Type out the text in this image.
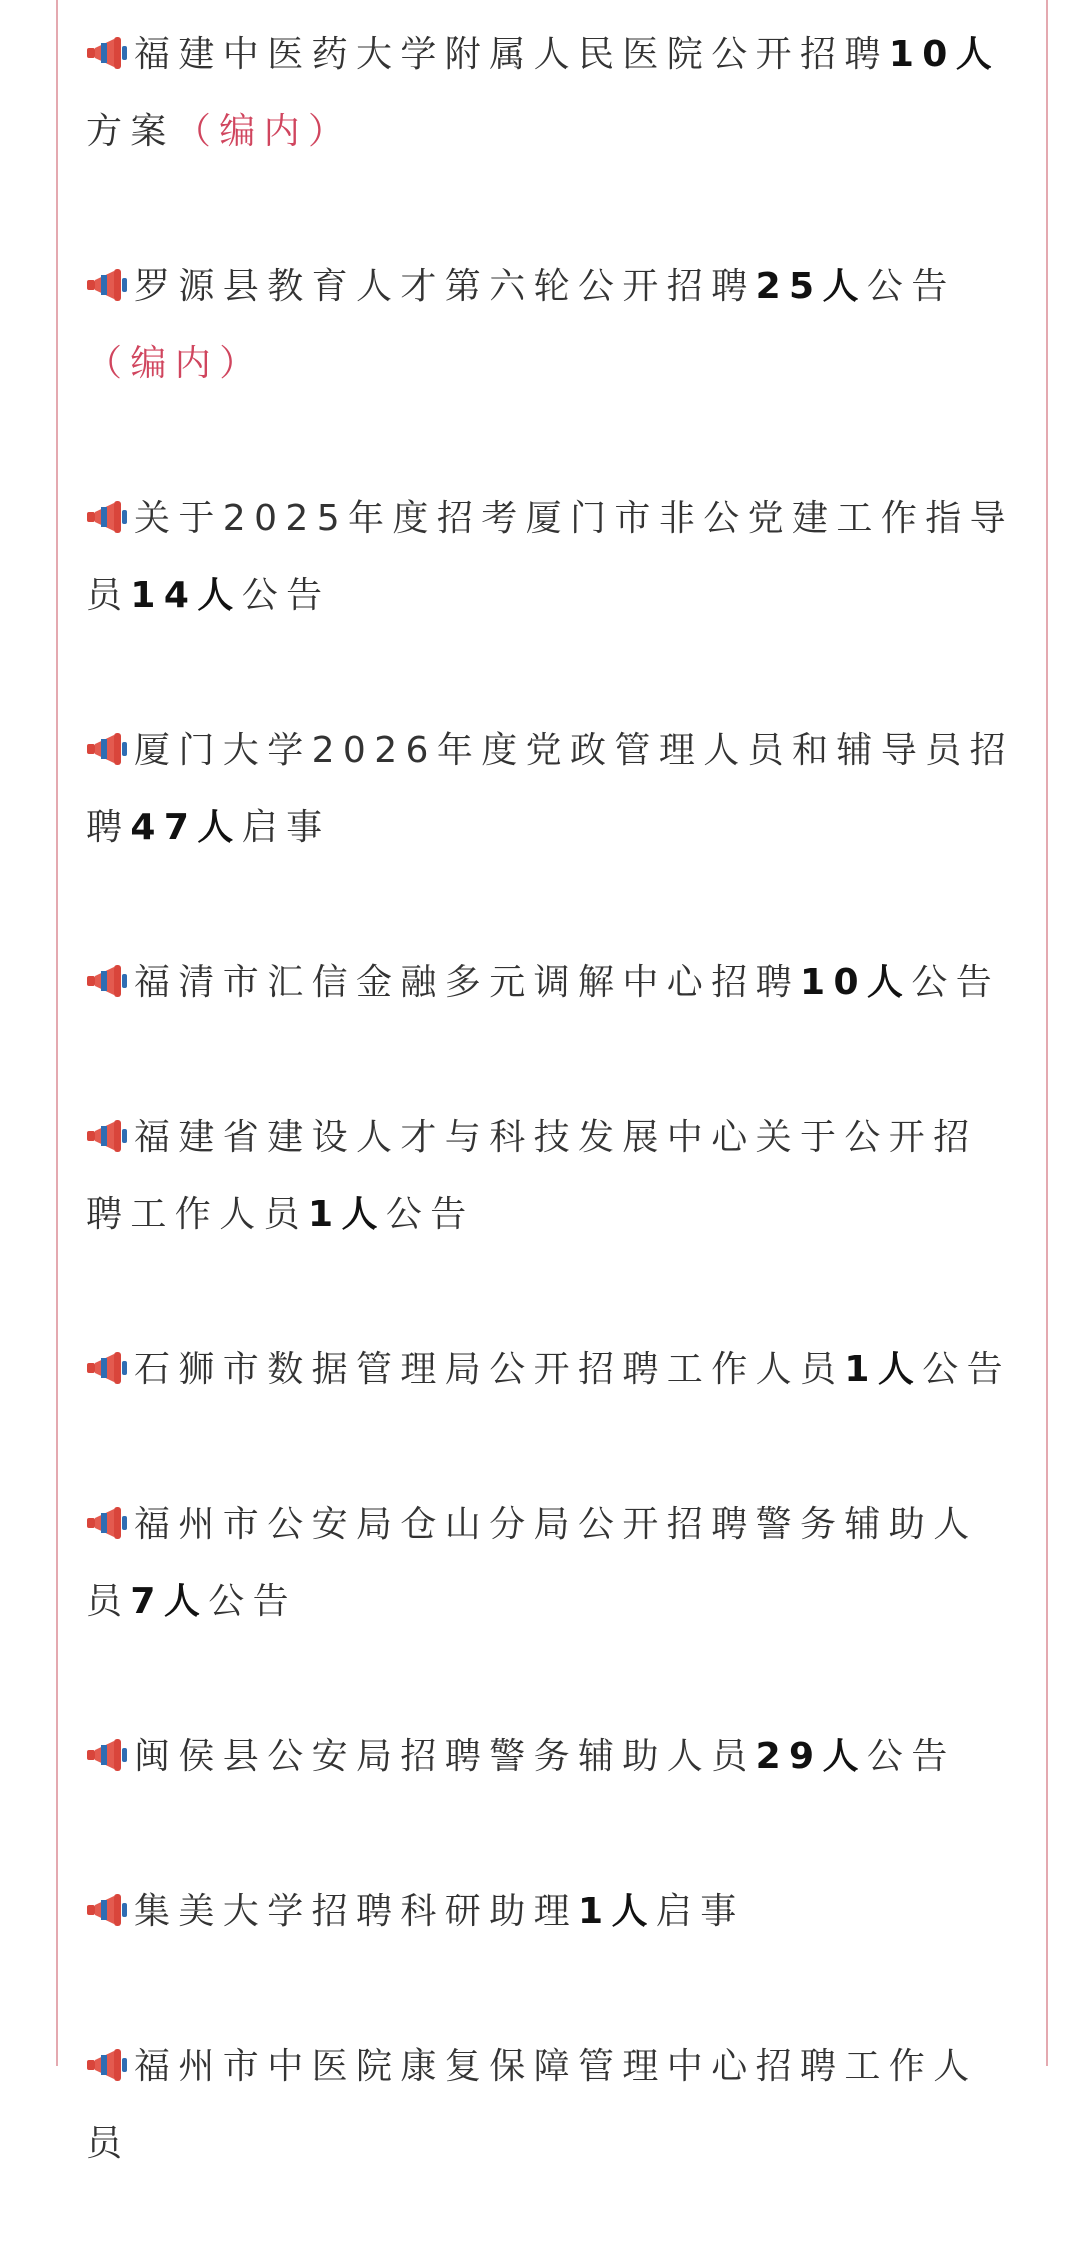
福建中医药大学附属人民医院公开招聘10人方案（编内）
罗源县教育人才第六轮公开招聘25人公告（编内）
关于2025年度招考厦门市非公党建工作指导员14人公告
厦门大学2026年度党政管理人员和辅导员招聘47人启事
福清市汇信金融多元调解中心招聘10人公告
福建省建设人才与科技发展中心关于公开招聘工作人员1人公告
石狮市数据管理局公开招聘工作人员1人公告
福州市公安局仓山分局公开招聘警务辅助人员7人公告
闽侯县公安局招聘警务辅助人员29人公告
集美大学招聘科研助理1人启事
福州市中医院康复保障管理中心招聘工作人员
